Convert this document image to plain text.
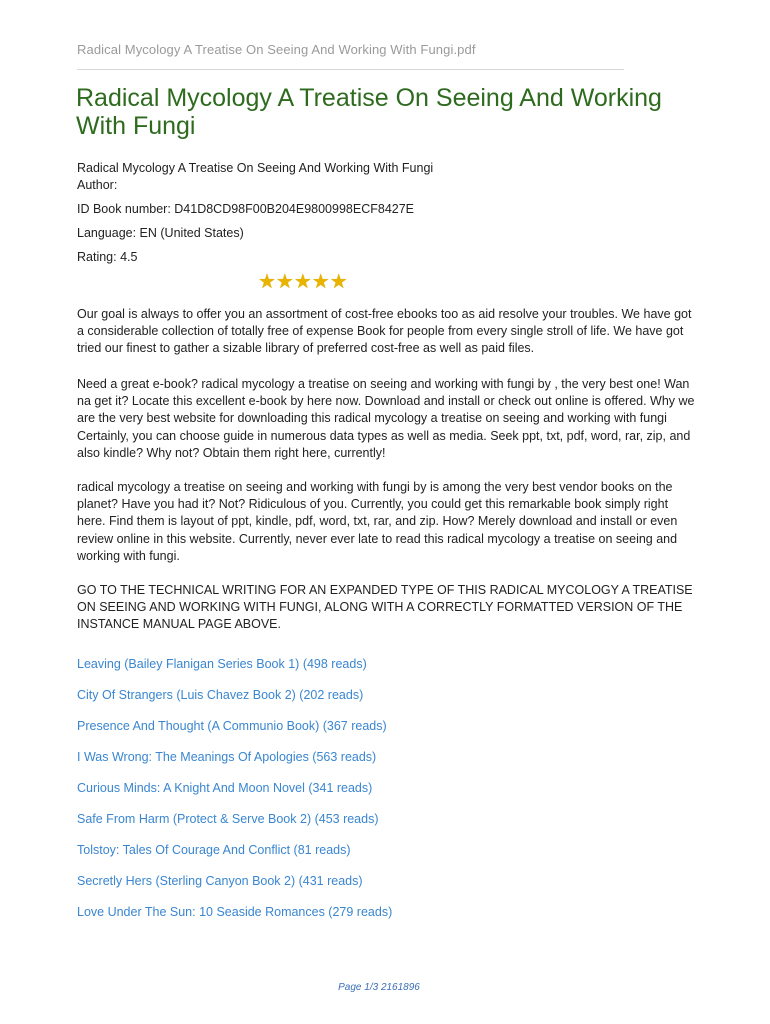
Radical Mycology A Treatise On Seeing And Working With Fungi.pdf
Radical Mycology A Treatise On Seeing And Working With Fungi
Radical Mycology A Treatise On Seeing And Working With Fungi
Author:
ID Book number: D41D8CD98F00B204E9800998ECF8427E
Language: EN (United States)
Rating: 4.5
★★★★★

Our goal is always to offer you an assortment of cost-free ebooks too as aid resolve your troubles. We have got a considerable collection of totally free of expense Book for people from every single stroll of life. We have got tried our finest to gather a sizable library of preferred cost-free as well as paid files.

Need a great e-book? radical mycology a treatise on seeing and working with fungi by , the very best one! Wan na get it? Locate this excellent e-book by here now. Download and install or check out online is offered. Why we are the very best website for downloading this radical mycology a treatise on seeing and working with fungi Certainly, you can choose guide in numerous data types as well as media. Seek ppt, txt, pdf, word, rar, zip, and also kindle? Why not? Obtain them right here, currently!

radical mycology a treatise on seeing and working with fungi by is among the very best vendor books on the planet? Have you had it? Not? Ridiculous of you. Currently, you could get this remarkable book simply right here. Find them is layout of ppt, kindle, pdf, word, txt, rar, and zip. How? Merely download and install or even review online in this website. Currently, never ever late to read this radical mycology a treatise on seeing and working with fungi.

GO TO THE TECHNICAL WRITING FOR AN EXPANDED TYPE OF THIS RADICAL MYCOLOGY A TREATISE ON SEEING AND WORKING WITH FUNGI, ALONG WITH A CORRECTLY FORMATTED VERSION OF THE INSTANCE MANUAL PAGE ABOVE.

Leaving (Bailey Flanigan Series Book 1) (498 reads)
City Of Strangers (Luis Chavez Book 2) (202 reads)
Presence And Thought (A Communio Book) (367 reads)
I Was Wrong: The Meanings Of Apologies (563 reads)
Curious Minds: A Knight And Moon Novel (341 reads)
Safe From Harm (Protect & Serve Book 2) (453 reads)
Tolstoy: Tales Of Courage And Conflict (81 reads)
Secretly Hers (Sterling Canyon Book 2) (431 reads)
Love Under The Sun: 10 Seaside Romances (279 reads)
Page 1/3 2161896
